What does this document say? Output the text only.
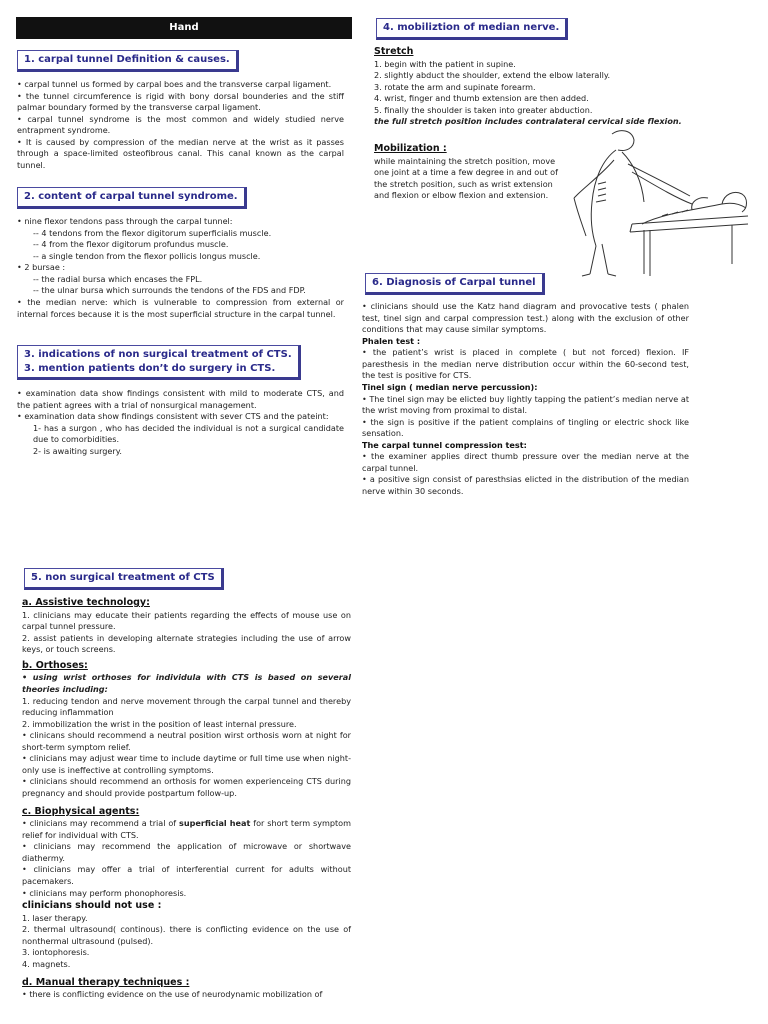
Hand
1. carpal tunnel Definition & causes.

• carpal tunnel us formed by carpal boes and the transverse carpal ligament.

• the tunnel circumference is rigid with bony dorsal bounderies and the stiff palmar boundary formed by the transverse carpal ligament.

• carpal tunnel syndrome is the most common and widely studied nerve entrapment syndrome.

• It is caused by compression of the median nerve at the wrist as it passes through a space-limited osteofibrous canal. This canal known as the carpal tunnel.

2. content of carpal tunnel syndrome.

• nine flexor tendons pass through the carpal tunnel:

-- 4 tendons from the flexor digitorum superficialis muscle.

-- 4 from the flexor digitorum profundus muscle.

-- a single tendon from the flexor pollicis longus muscle.

• 2 bursae :

-- the radial bursa which encases the FPL.

-- the ulnar bursa which surrounds the tendons of the FDS and FDP.

• the median nerve: which is vulnerable to compression from external or internal forces because it is the most superficial structure in the carpal tunnel.

3. indications of non surgical treatment of CTS.
3. mention patients don’t do surgery in CTS.

• examination data show findings consistent with mild to moderate CTS, and the patient agrees with a trial of nonsurgical management.

• examination data show findings consistent with sever CTS and the pateint:

1- has a surgon , who has decided the individual is not a surgical candidate due to comorbidities.

2- is awaiting surgery.

4. mobiliztion of median nerve.

Stretch

1. begin with the patient in supine.

2. slightly abduct the shoulder, extend the elbow laterally.

3. rotate the arm and supinate forearm.

4. wrist, finger and thumb extension are then added.

5. finally the shoulder is taken into greater abduction.

the full stretch position includes contralateral cervical side flexion.

Mobilization :

while maintaining the stretch position, move one joint at a time a few degree in and out of the stretch position, such as wrist extension and flexion or elbow flexion and extension.

6. Diagnosis of Carpal tunnel

• clinicians should use the Katz hand diagram and provocative tests ( phalen test, tinel sign and carpal compression test.) along with the exclusion of other conditions that may cause similar symptoms.

Phalen test :

• the patient’s wrist is placed in complete ( but not forced) flexion. IF paresthesis in the median nerve distribution occur within the 60-second test, the test is positive for CTS.

Tinel sign ( median nerve percussion):

• The tinel sign may be elicted buy lightly tapping the patient’s median nerve at the wrist moving from proximal to distal.

• the sign is positive if the patient complains of tingling or electric shock like sensation.

The carpal tunnel compression test:

• the examiner applies direct thumb pressure over the median nerve at the carpal tunnel.

• a positive sign consist of paresthsias elicted in the distribution of the median nerve within 30 seconds.

5. non surgical treatment of CTS

a. Assistive technology:

1. clinicians may educate their patients regarding the effects of mouse use on carpal tunnel pressure.

2. assist patients in developing alternate strategies including the use of arrow keys, or touch screens.

b. Orthoses:

• using wrist orthoses for individula with CTS is based on several theories including:

1. reducing tendon and nerve movement through the carpal tunnel and thereby reducing inflammation

2. immobilization the wrist in the position of least internal pressure.

• clinicans should recommend a neutral position wirst orthosis worn at night for short-term symptom relief.

• clinicians may adjust wear time to include daytime or full time use when night-only use is ineffective at controlling symptoms.

• clinicians should recommend an orthosis for women experienceing CTS during pregnancy and should provide postpartum follow-up.

c. Biophysical agents:

• clinicians may recommend a trial of superficial heat for short term symptom relief for individual with CTS.

• clinicians may recommend the application of microwave or shortwave diathermy.

• clinicians may offer a trial of interferential current for adults without pacemakers.

• clinicians may perform phonophoresis.

clinicians should not use :

1. laser therapy.

2. thermal ultrasound( continous). there is conflicting evidence on the use of nonthermal ultrasound (pulsed).

3. iontophoresis.

4. magnets.

d. Manual therapy techniques :

• there is conflicting evidence on the use of neurodynamic mobilization of
